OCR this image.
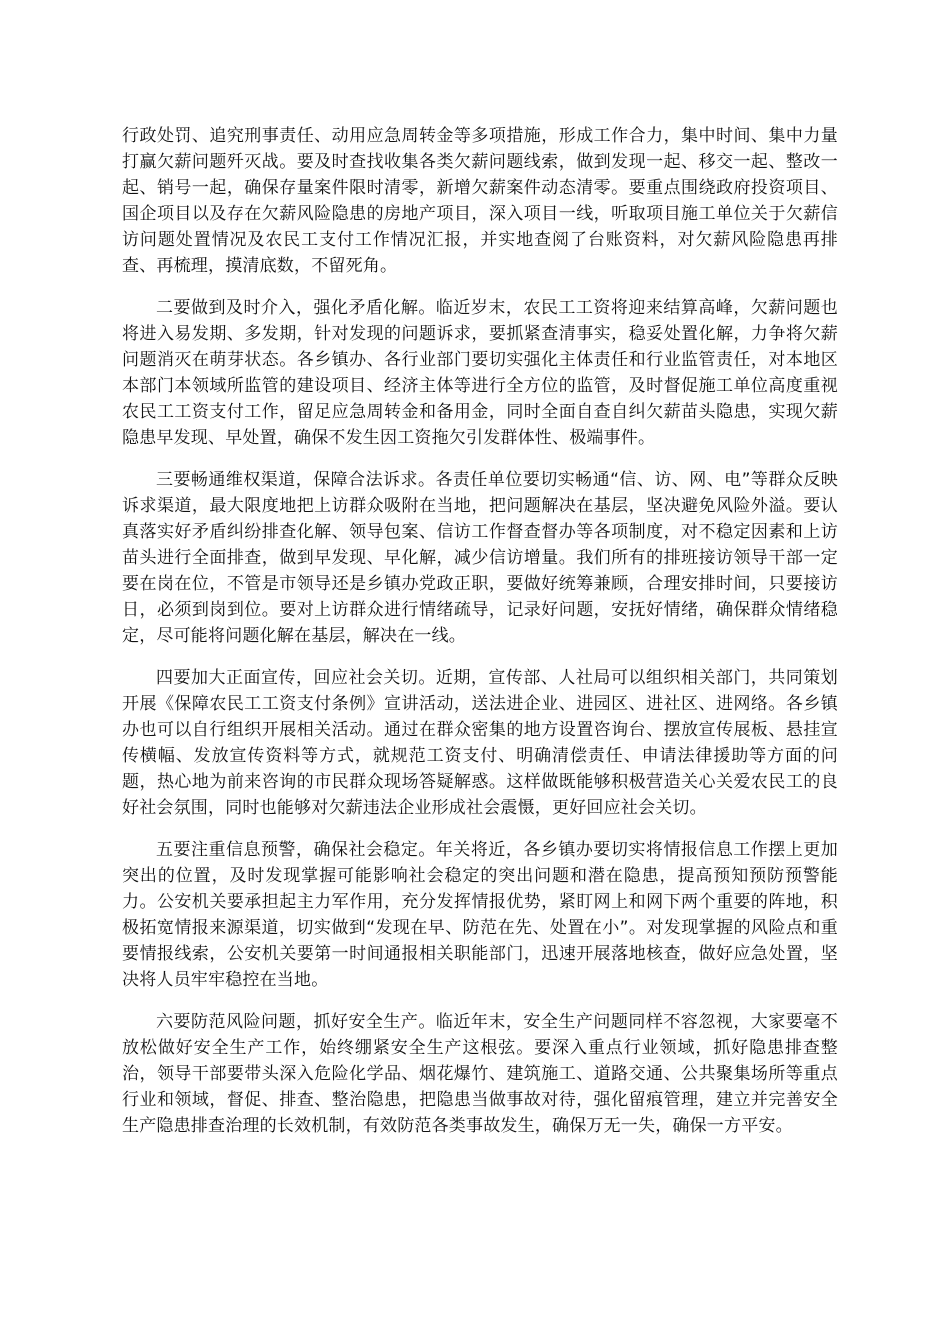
行政处罚、追究刑事责任、动用应急周转金等多项措施，形成工作合力，集中时间、集中力量打赢欠薪问题歼灭战。要及时查找收集各类欠薪问题线索，做到发现一起、移交一起、整改一起、销号一起，确保存量案件限时清零，新增欠薪案件动态清零。要重点围绕政府投资项目、国企项目以及存在欠薪风险隐患的房地产项目，深入项目一线，听取项目施工单位关于欠薪信访问题处置情况及农民工支付工作情况汇报，并实地查阅了台账资料，对欠薪风险隐患再排查、再梳理，摸清底数，不留死角。

二要做到及时介入，强化矛盾化解。临近岁末，农民工工资将迎来结算高峰，欠薪问题也将进入易发期、多发期，针对发现的问题诉求，要抓紧查清事实，稳妥处置化解，力争将欠薪问题消灭在萌芽状态。各乡镇办、各行业部门要切实强化主体责任和行业监管责任，对本地区本部门本领域所监管的建设项目、经济主体等进行全方位的监管，及时督促施工单位高度重视农民工工资支付工作，留足应急周转金和备用金，同时全面自查自纠欠薪苗头隐患，实现欠薪隐患早发现、早处置，确保不发生因工资拖欠引发群体性、极端事件。

三要畅通维权渠道，保障合法诉求。各责任单位要切实畅通“信、访、网、电”等群众反映诉求渠道，最大限度地把上访群众吸附在当地，把问题解决在基层，坚决避免风险外溢。要认真落实好矛盾纠纷排查化解、领导包案、信访工作督查督办等各项制度，对不稳定因素和上访苗头进行全面排查，做到早发现、早化解，减少信访增量。我们所有的排班接访领导干部一定要在岗在位，不管是市领导还是乡镇办党政正职，要做好统筹兼顾，合理安排时间，只要接访日，必须到岗到位。要对上访群众进行情绪疏导，记录好问题，安抚好情绪，确保群众情绪稳定，尽可能将问题化解在基层，解决在一线。

四要加大正面宣传，回应社会关切。近期，宣传部、人社局可以组织相关部门，共同策划开展《保障农民工工资支付条例》宣讲活动，送法进企业、进园区、进社区、进网络。各乡镇办也可以自行组织开展相关活动。通过在群众密集的地方设置咨询台、摆放宣传展板、悬挂宣传横幅、发放宣传资料等方式，就规范工资支付、明确清偿责任、申请法律援助等方面的问题，热心地为前来咨询的市民群众现场答疑解惑。这样做既能够积极营造关心关爱农民工的良好社会氛围，同时也能够对欠薪违法企业形成社会震慑，更好回应社会关切。

五要注重信息预警，确保社会稳定。年关将近，各乡镇办要切实将情报信息工作摆上更加突出的位置，及时发现掌握可能影响社会稳定的突出问题和潜在隐患，提高预知预防预警能力。公安机关要承担起主力军作用，充分发挥情报优势，紧盯网上和网下两个重要的阵地，积极拓宽情报来源渠道，切实做到“发现在早、防范在先、处置在小”。对发现掌握的风险点和重要情报线索，公安机关要第一时间通报相关职能部门，迅速开展落地核查，做好应急处置，坚决将人员牢牢稳控在当地。

六要防范风险问题，抓好安全生产。临近年末，安全生产问题同样不容忽视，大家要毫不放松做好安全生产工作，始终绷紧安全生产这根弦。要深入重点行业领域，抓好隐患排查整治，领导干部要带头深入危险化学品、烟花爆竹、建筑施工、道路交通、公共聚集场所等重点行业和领域，督促、排查、整治隐患，把隐患当做事故对待，强化留痕管理，建立并完善安全生产隐患排查治理的长效机制，有效防范各类事故发生，确保万无一失，确保一方平安。
